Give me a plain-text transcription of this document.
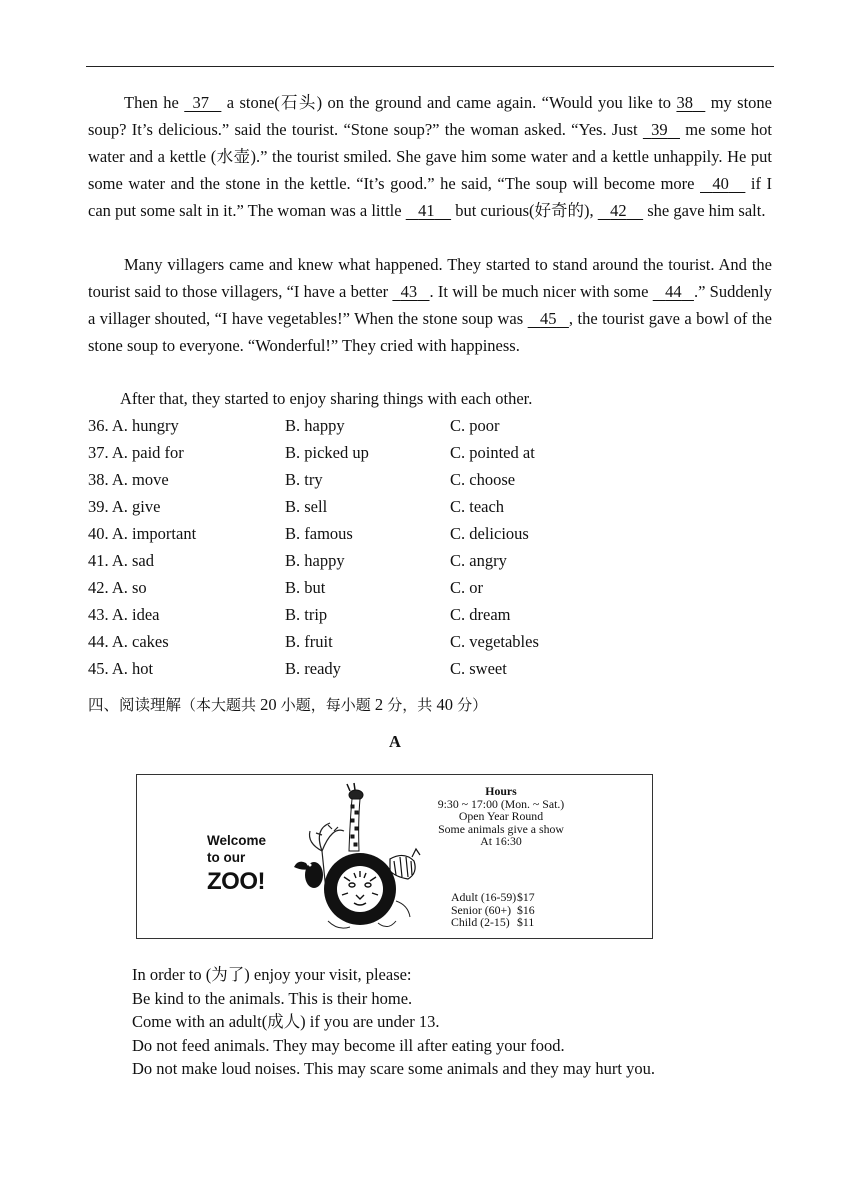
Then he   37    a stone(石头) on the ground and came again. “Would you like to 38    my stone soup? It’s delicious.” said the tourist. “Stone soup?” the woman asked. “Yes. Just   39    me some hot water and a kettle (水壶).” the tourist smiled. She gave him some water and a kettle unhappily. He put some water and the stone in the kettle. “It’s good.” he said, “The soup will become more    40     if I can put some salt in it.” The woman was a little    41     but curious(好奇的),    42     she gave him salt.

Many villagers came and knew what happened. They started to stand around the tourist. And the tourist said to those villagers, “I have a better   43 . It will be much nicer with some    44 .” Suddenly a villager shouted, “I have vegetables!” When the stone soup was    45 , the tourist gave a bowl of the stone soup to everyone. “Wonderful!” They cried with happiness.

After that, they started to enjoy sharing things with each other.

36. A. hungry	B. happy	C. poor
37. A. paid for	B. picked up	C. pointed at
38. A. move	B. try	C. choose
39. A. give	B. sell	C. teach
40. A. important	B. famous	C. delicious
41. A. sad	B. happy	C. angry
42. A. so	B. but	C. or
43. A. idea	B. trip	C. dream
44. A. cakes	B. fruit	C. vegetables
45. A. hot	B. ready	C. sweet
四、阅读理解（本大题共 20 小题，每小题 2 分，共 40 分）
A
Welcome
to our
ZOO!
Hours
9:30 ~ 17:00 (Mon. ~ Sat.)
Open Year Round
Some animals give a show
At 16:30
Adult (16-59) $17
Senior (60+) $16
Child (2-15) $11
In order to (为了) enjoy your visit, please:
Be kind to the animals. This is their home.
Come with an adult(成人) if you are under 13.
Do not feed animals. They may become ill after eating your food.
Do not make loud noises. This may scare some animals and they may hurt you.
